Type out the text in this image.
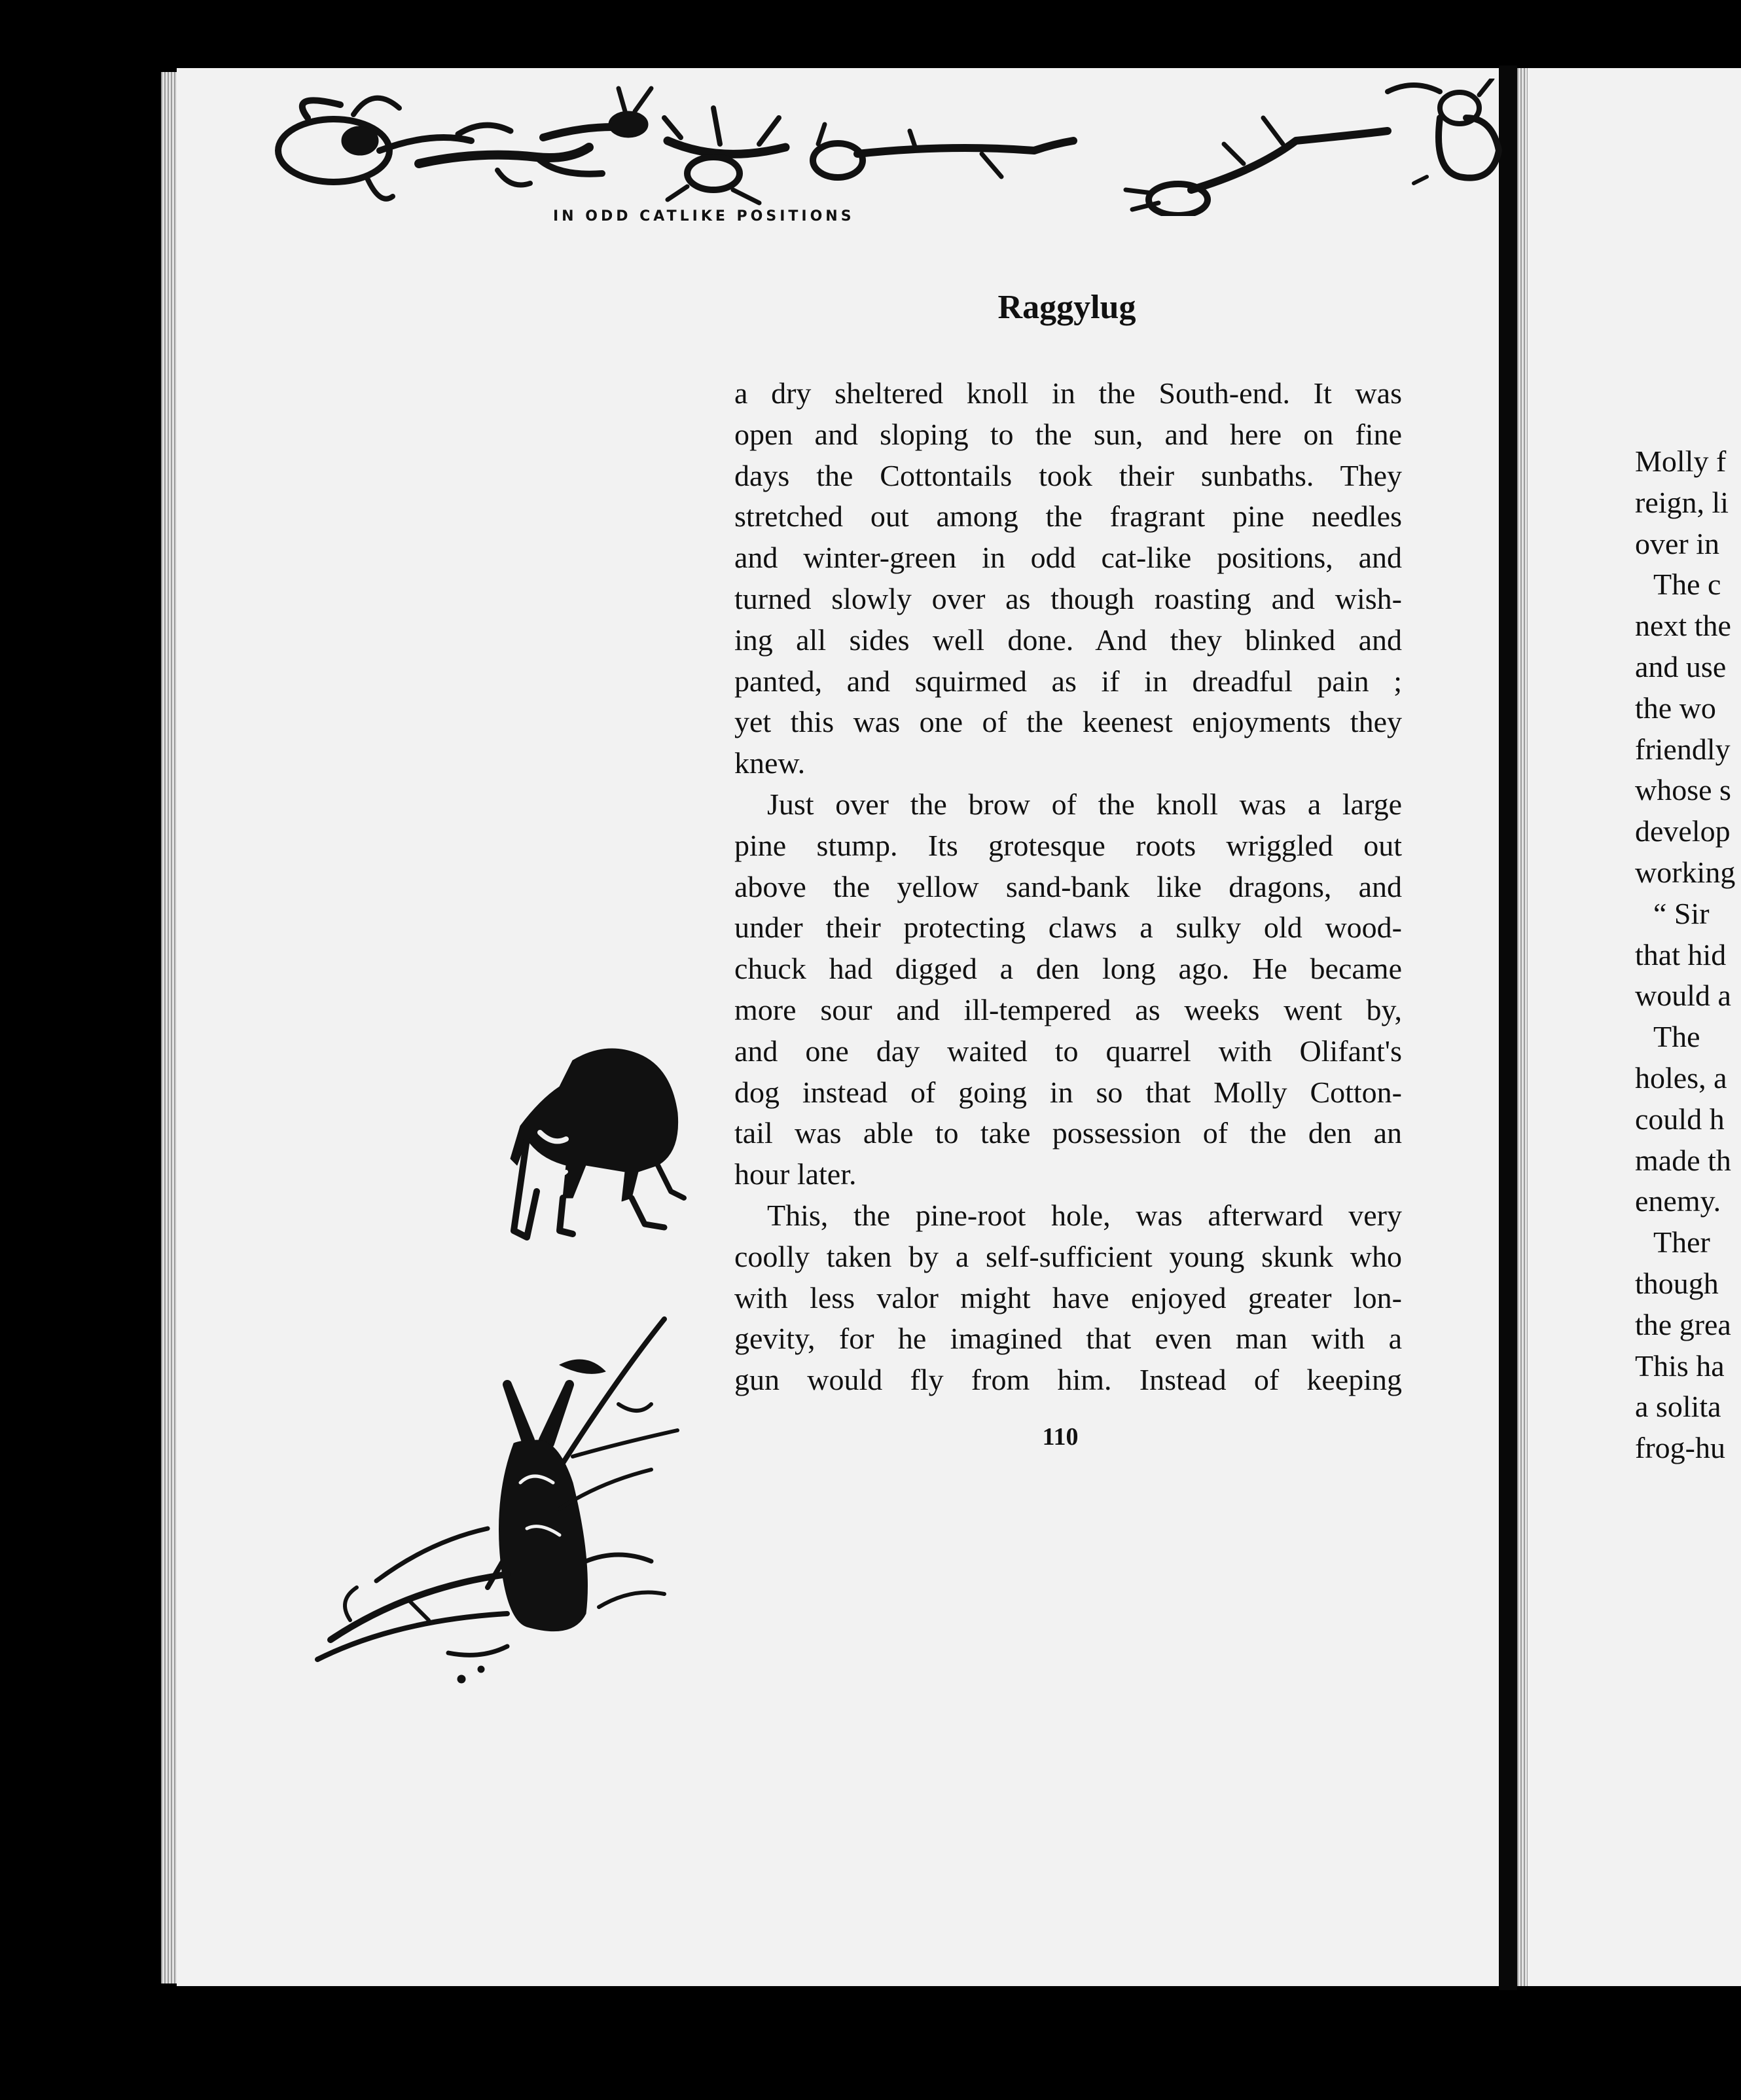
IN ODD CATLIKE POSITIONS
Raggylug
a dry sheltered knoll in the South-end. It was
open and sloping to the sun, and here on fine
days the Cottontails took their sunbaths. They
stretched out among the fragrant pine needles
and winter-green in odd cat-like positions, and
turned slowly over as though roasting and wish-
ing all sides well done. And they blinked and
panted, and squirmed as if in dreadful pain ;
yet this was one of the keenest enjoyments they
knew.
Just over the brow of the knoll was a large
pine stump. Its grotesque roots wriggled out
above the yellow sand-bank like dragons, and
under their protecting claws a sulky old wood-
chuck had digged a den long ago. He became
more sour and ill-tempered as weeks went by,
and one day waited to quarrel with Olifant's
dog instead of going in so that Molly Cotton-
tail was able to take possession of the den an
hour later.
This, the pine-root hole, was afterward very
coolly taken by a self-sufficient young skunk who
with less valor might have enjoyed greater lon-
gevity, for he imagined that even man with a
gun would fly from him. Instead of keeping
110
Molly f
reign, li
over in
The c
next the
and use
the wo
friendly
whose s
develop
working
“ Sir
that hid
would a
The
holes, a
could h
made th
enemy.
Ther
though
the grea
This ha
a solita
frog-hu
